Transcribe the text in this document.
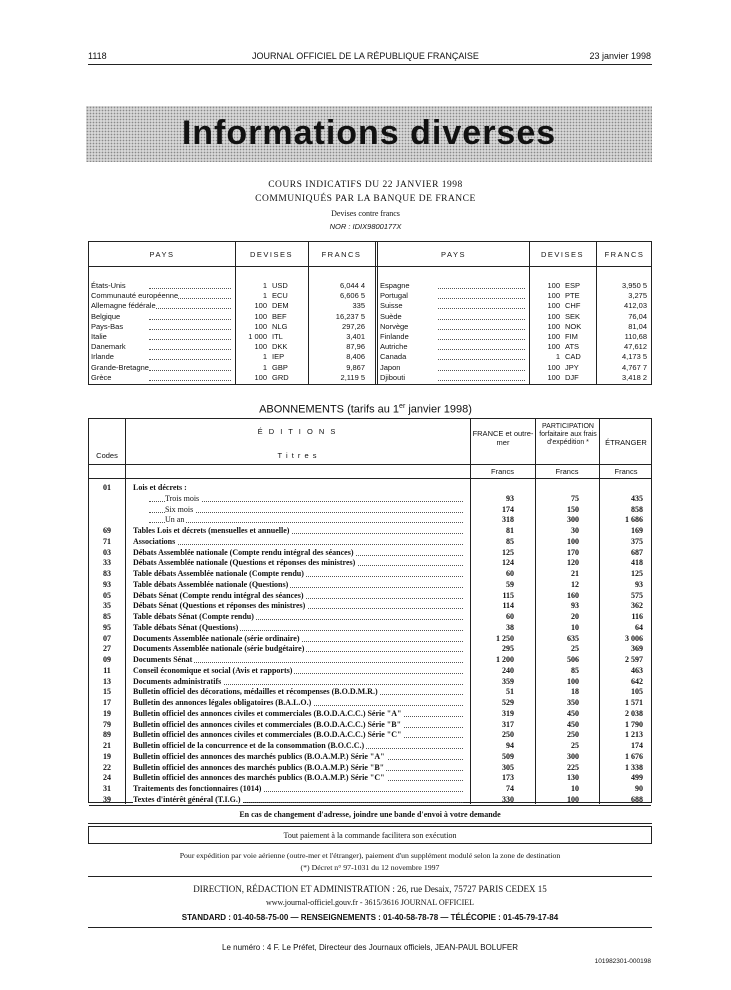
1118	JOURNAL OFFICIEL DE LA RÉPUBLIQUE FRANÇAISE	23 janvier 1998
Informations diverses
COURS INDICATIFS DU 22 JANVIER 1998
COMMUNIQUÉS PAR LA BANQUE DE FRANCE
Devises contre francs
NOR : IDIX9800177X
PAYS	DEVISES	FRANCS	PAYS	DEVISES	FRANCS
États-Unis	1 USD	6,044 4
Communauté européenne	1 ECU	6,606 5
Allemagne fédérale	100 DEM	335
Belgique	100 BEF	16,237 5
Pays-Bas	100 NLG	297,26
Italie	1 000 ITL	3,401
Danemark	100 DKK	87,96
Irlande	1 IEP	8,406
Grande-Bretagne	1 GBP	9,867
Grèce	100 GRD	2,119 5
Espagne	100 ESP	3,950 5
Portugal	100 PTE	3,275
Suisse	100 CHF	412,03
Suède	100 SEK	76,04
Norvège	100 NOK	81,04
Finlande	100 FIM	110,68
Autriche	100 ATS	47,612
Canada	1 CAD	4,173 5
Japon	100 JPY	4,767 7
Djibouti	100 DJF	3,418 2
ABONNEMENTS (tarifs au 1er janvier 1998)
É D I T I O N S
Codes	T i t r e s
FRANCE et outre-mer
PARTICIPATION forfaitaire aux frais d'expédition *	ÉTRANGER
Francs	Francs	Francs
01	Lois et décrets :
Trois mois	93	75	435
Six mois	174	150	858
Un an	318	300	1 686
69	Tables Lois et décrets (mensuelles et annuelle)	81	30	169
71	Associations	85	100	375
03	Débats Assemblée nationale (Compte rendu intégral des séances)	125	170	687
33	Débats Assemblée nationale (Questions et réponses des ministres)	124	120	418
83	Table débats Assemblée nationale (Compte rendu)	60	21	125
93	Table débats Assemblée nationale (Questions)	59	12	93
05	Débats Sénat (Compte rendu intégral des séances)	115	160	575
35	Débats Sénat (Questions et réponses des ministres)	114	93	362
85	Table débats Sénat (Compte rendu)	60	20	116
95	Table débats Sénat (Questions)	38	10	64
07	Documents Assemblée nationale (série ordinaire)	1 250	635	3 006
27	Documents Assemblée nationale (série budgétaire)	295	25	369
09	Documents Sénat	1 200	506	2 597
11	Conseil économique et social (Avis et rapports)	240	85	463
13	Documents administratifs	359	100	642
15	Bulletin officiel des décorations, médailles et récompenses (B.O.D.M.R.)	51	18	105
17	Bulletin des annonces légales obligatoires (B.A.L.O.)	529	350	1 571
19	Bulletin officiel des annonces civiles et commerciales (B.O.D.A.C.C.) Série "A"	319	450	2 038
79	Bulletin officiel des annonces civiles et commerciales (B.O.D.A.C.C.) Série "B"	317	450	1 790
89	Bulletin officiel des annonces civiles et commerciales (B.O.D.A.C.C.) Série "C"	250	250	1 213
21	Bulletin officiel de la concurrence et de la consommation (B.O.C.C.)	94	25	174
19	Bulletin officiel des annonces des marchés publics (B.O.A.M.P.) Série "A"	509	300	1 676
22	Bulletin officiel des annonces des marchés publics (B.O.A.M.P.) Série "B"	305	225	1 338
24	Bulletin officiel des annonces des marchés publics (B.O.A.M.P.) Série "C"	173	130	499
31	Traitements des fonctionnaires (1014)	74	10	90
39	Textes d'intérêt général (T.I.G.)	330	100	688
En cas de changement d'adresse, joindre une bande d'envoi à votre demande
Tout paiement à la commande facilitera son exécution
Pour expédition par voie aérienne (outre-mer et l'étranger), paiement d'un supplément modulé selon la zone de destination
(*) Décret n° 97-1031 du 12 novembre 1997
DIRECTION, RÉDACTION ET ADMINISTRATION : 26, rue Desaix, 75727 PARIS CEDEX 15
www.journal-officiel.gouv.fr - 3615/3616 JOURNAL OFFICIEL
STANDARD : 01-40-58-75-00 — RENSEIGNEMENTS : 01-40-58-78-78 — TÉLÉCOPIE : 01-45-79-17-84
Le numéro : 4 F. Le Préfet, Directeur des Journaux officiels, JEAN-PAUL BOLUFER
101982301-000198
